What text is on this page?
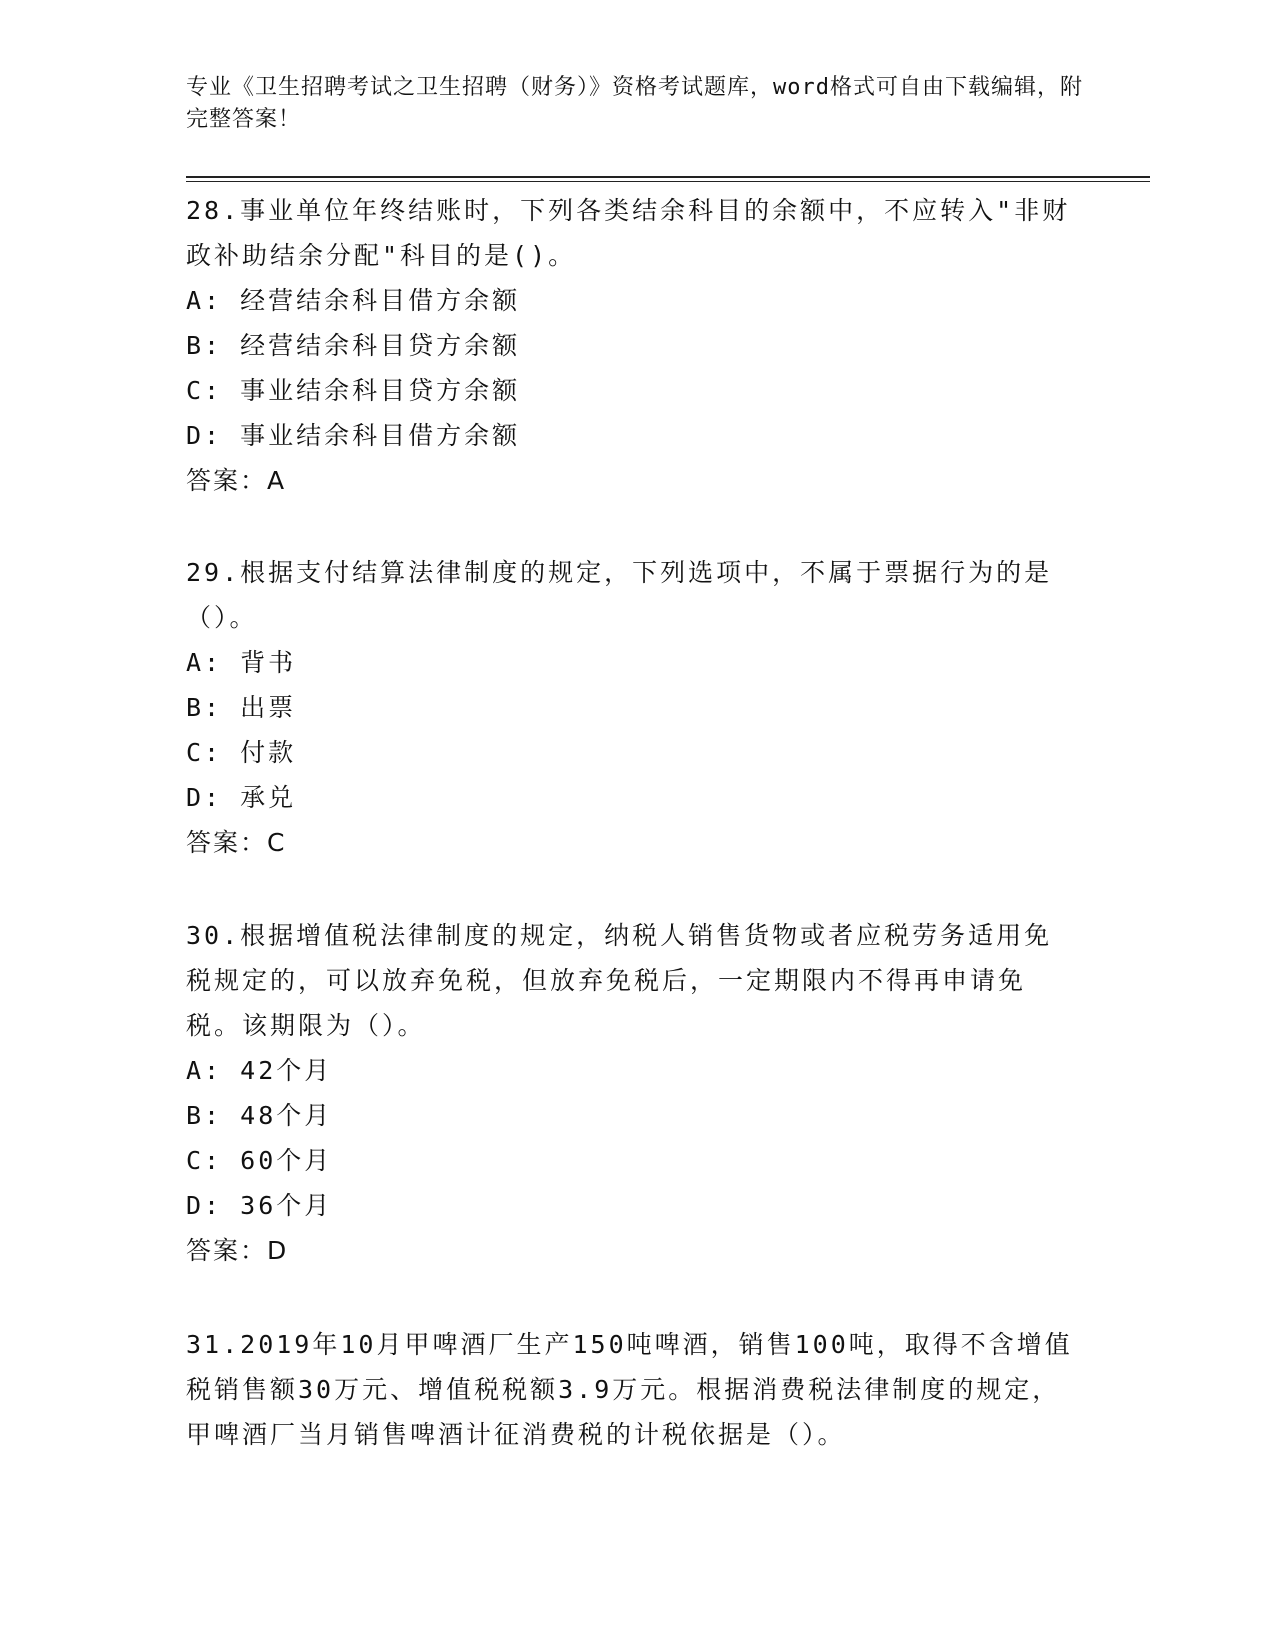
专业《卫生招聘考试之卫生招聘（财务）》资格考试题库，word格式可自由下载编辑，附完整答案！

28.事业单位年终结账时，下列各类结余科目的余额中，不应转入"非财政补助结余分配"科目的是()。

A: 经营结余科目借方余额

B: 经营结余科目贷方余额

C: 事业结余科目贷方余额

D: 事业结余科目借方余额

答案：A

29.根据支付结算法律制度的规定，下列选项中，不属于票据行为的是（）。

A: 背书

B: 出票

C: 付款

D: 承兑

答案：C

30.根据增值税法律制度的规定，纳税人销售货物或者应税劳务适用免税规定的，可以放弃免税，但放弃免税后，一定期限内不得再申请免税。该期限为（）。

A: 42个月

B: 48个月

C: 60个月

D: 36个月

答案：D

31.2019年10月甲啤酒厂生产150吨啤酒，销售100吨，取得不含增值税销售额30万元、增值税税额3.9万元。根据消费税法律制度的规定，甲啤酒厂当月销售啤酒计征消费税的计税依据是（）。
